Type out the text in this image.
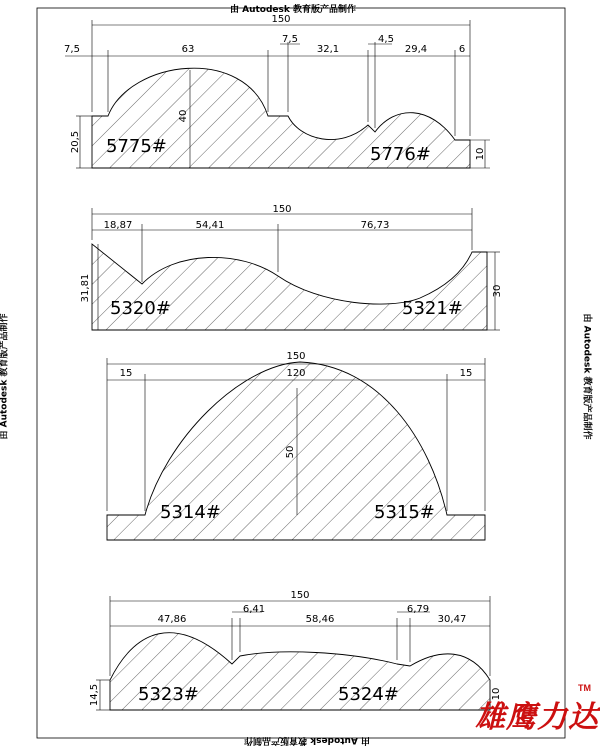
150
7,5	63
7,5
32,1
4,5
29,4	6
20,5
40
10
5775#	5776#
150
18,87	54,41	76,73
31,81	30
5320#	5321#
150
15	120	15
50
5314#	5315#
150
47,86
6,41
58,46
6,79
30,47
14,5	10
5323#	5324#
由 Autodesk 教育版产品制作
由 Autodesk 教育版产品制作
由 Autodesk 教育版产品制作	由 Autodesk 教育版产品制作
雄鹰力达
TM
